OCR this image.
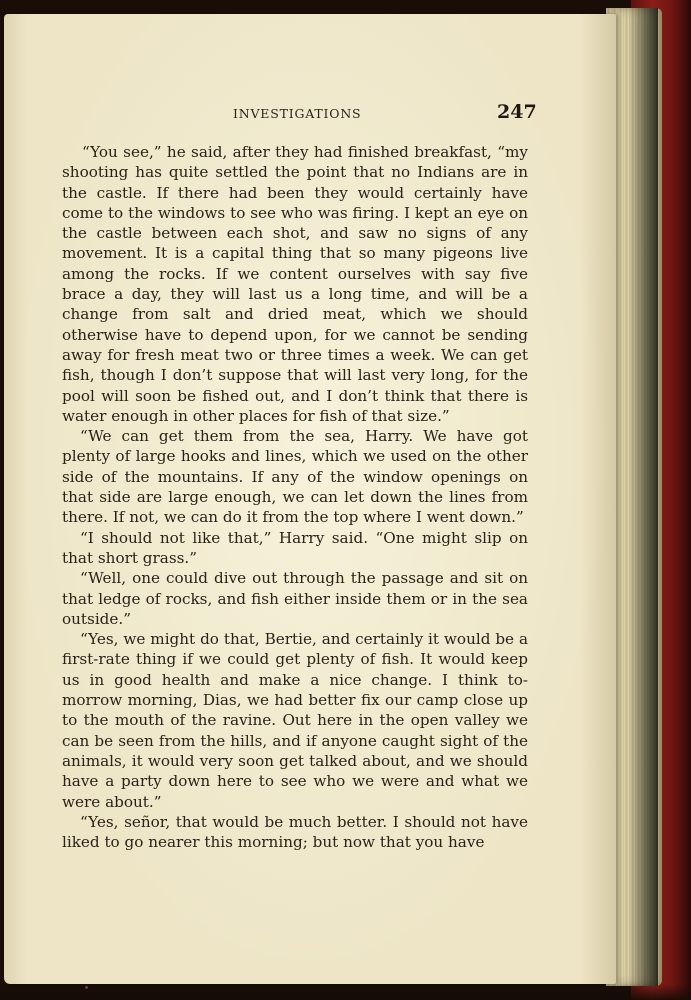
INVESTIGATIONS	247

“You see,” he said, after they had finished breakfast, “my shooting has quite settled the point that no Indians are in the castle. If there had been they would certainly have come to the windows to see who was firing. I kept an eye on the castle between each shot, and saw no signs of any movement. It is a capital thing that so many pigeons live among the rocks. If we content ourselves with say five brace a day, they will last us a long time, and will be a change from salt and dried meat, which we should otherwise have to depend upon, for we cannot be sending away for fresh meat two or three times a week. We can get fish, though I don’t suppose that will last very long, for the pool will soon be fished out, and I don’t think that there is water enough in other places for fish of that size.”

“We can get them from the sea, Harry. We have got plenty of large hooks and lines, which we used on the other side of the mountains. If any of the window openings on that side are large enough, we can let down the lines from there. If not, we can do it from the top where I went down.”

“I should not like that,” Harry said. “One might slip on that short grass.”

“Well, one could dive out through the passage and sit on that ledge of rocks, and fish either inside them or in the sea outside.”

“Yes, we might do that, Bertie, and certainly it would be a first-rate thing if we could get plenty of fish. It would keep us in good health and make a nice change. I think to-morrow morning, Dias, we had better fix our camp close up to the mouth of the ravine. Out here in the open valley we can be seen from the hills, and if anyone caught sight of the animals, it would very soon get talked about, and we should have a party down here to see who we were and what we were about.”

“Yes, señor, that would be much better. I should not have liked to go nearer this morning; but now that you have
